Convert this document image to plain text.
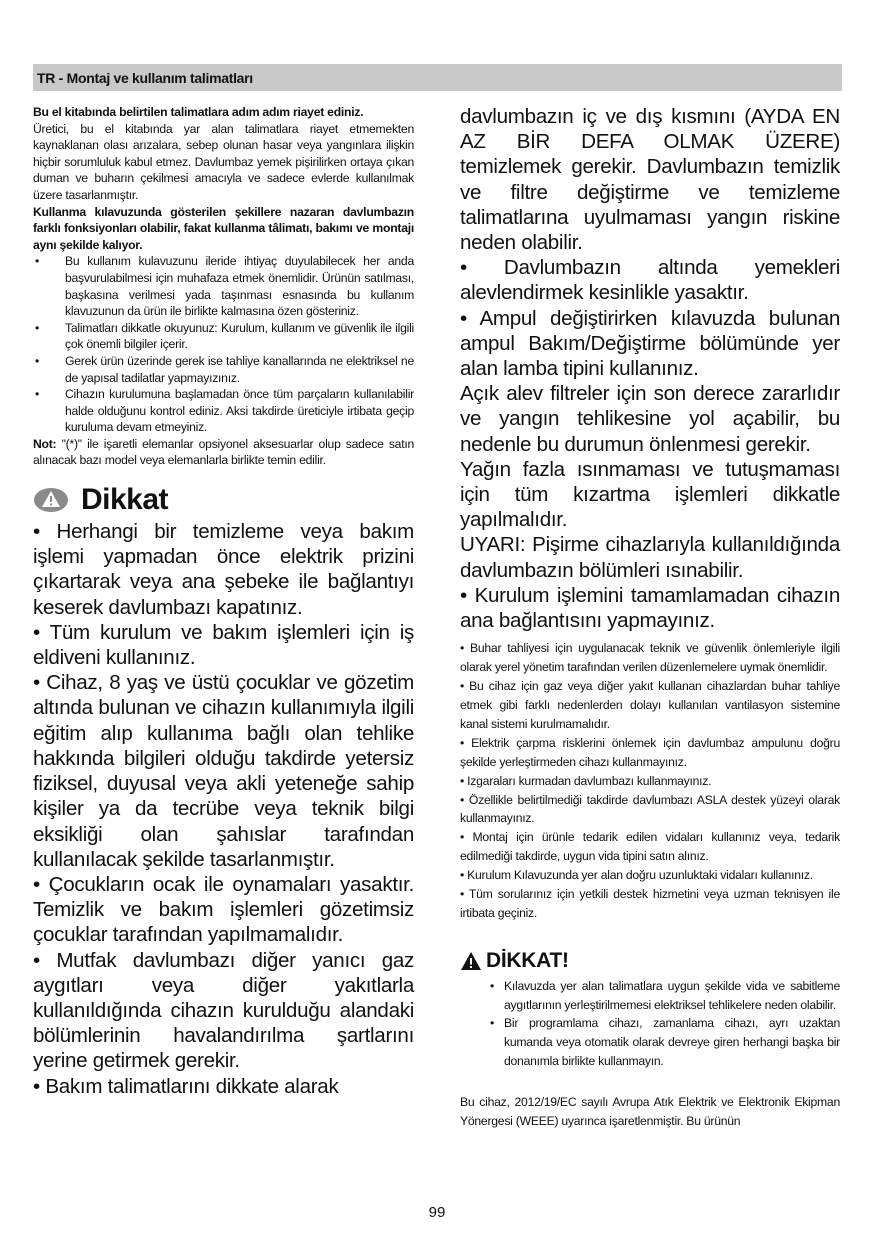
TR - Montaj ve kullanım talimatları

Bu el kitabında belirtilen talimatlara adım adım riayet ediniz.
Üretici, bu el kitabında yar alan talimatlara riayet etmemekten kaynaklanan olası arızalara, sebep olunan hasar veya yangınlara ilişkin hiçbir sorumluluk kabul etmez. Davlumbaz yemek pişirilirken ortaya çıkan duman ve buharın çekilmesi amacıyla ve sadece evlerde kullanılmak üzere tasarlanmıştır.

Kullanma kılavuzunda gösterilen şekillere nazaran davlumbazın farklı fonksiyonları olabilir, fakat kullanma tâlimatı, bakımı ve montajı aynı şekilde kalıyor.

• Bu kullanım kulavuzunu ileride ihtiyaç duyulabilecek her anda başvurulabilmesi için muhafaza etmek önemlidir. Ürünün satılması, başkasına verilmesi yada taşınması esnasında bu kullanım klavuzunun da ürün ile birlikte kalmasına özen gösteriniz.
• Talimatları dikkatle okuyunuz: Kurulum, kullanım ve güvenlik ile ilgili çok önemli bilgiler içerir.
• Gerek ürün üzerinde gerek ise tahliye kanallarında ne elektriksel ne de yapısal tadilatlar yapmayızınız.
• Cihazın kurulumuna başlamadan önce tüm parçaların kullanılabilir halde olduğunu kontrol ediniz. Aksi takdirde üreticiyle irtibata geçip kuruluma devam etmeyiniz.

Not: "(*)" ile işaretli elemanlar opsiyonel aksesuarlar olup sadece satın alınacak bazı model veya elemanlarla birlikte temin edilir.

Dikkat

• Herhangi bir temizleme veya bakım işlemi yapmadan önce elektrik prizini çıkartarak veya ana şebeke ile bağlantıyı keserek davlumbazı kapatınız.

• Tüm kurulum ve bakım işlemleri için iş eldiveni kullanınız.

• Cihaz, 8 yaş ve üstü çocuklar ve gözetim altında bulunan ve cihazın kullanımıyla ilgili eğitim alıp kullanıma bağlı olan tehlike hakkında bilgileri olduğu takdirde yetersiz fiziksel, duyusal veya akli yeteneğe sahip kişiler ya da tecrübe veya teknik bilgi eksikliği olan şahıslar tarafından kullanılacak şekilde tasarlanmıştır.

• Çocukların ocak ile oynamaları yasaktır. Temizlik ve bakım işlemleri gözetimsiz çocuklar tarafından yapılmamalıdır.

• Mutfak davlumbazı diğer yanıcı gaz aygıtları veya diğer yakıtlarla kullanıldığında cihazın kurulduğu alandaki bölümlerinin havalandırılma şartlarını yerine getirmek gerekir.

• Bakım talimatlarını dikkate alarak

davlumbazın iç ve dış kısmını (AYDA EN AZ BİR DEFA OLMAK ÜZERE) temizlemek gerekir. Davlumbazın temizlik ve filtre değiştirme ve temizleme talimatlarına uyulmaması yangın riskine neden olabilir.

• Davlumbazın altında yemekleri alevlendirmek kesinlikle yasaktır.

• Ampul değiştirirken kılavuzda bulunan ampul Bakım/Değiştirme bölümünde yer alan lamba tipini kullanınız.

Açık alev filtreler için son derece zararlıdır ve yangın tehlikesine yol açabilir, bu nedenle bu durumun önlenmesi gerekir.

Yağın fazla ısınmaması ve tutuşmaması için tüm kızartma işlemleri dikkatle yapılmalıdır.

UYARI: Pişirme cihazlarıyla kullanıldığında davlumbazın bölümleri ısınabilir.

• Kurulum işlemini tamamlamadan cihazın ana bağlantısını yapmayınız.

• Buhar tahliyesi için uygulanacak teknik ve güvenlik önlemleriyle ilgili olarak yerel yönetim tarafından verilen düzenlemelere uymak önemlidir.

• Bu cihaz için gaz veya diğer yakıt kullanan cihazlardan buhar tahliye etmek gibi farklı nedenlerden dolayı kullanılan vantilasyon sistemine kanal sistemi kurulmamalıdır.

• Elektrik çarpma risklerini önlemek için davlumbaz ampulunu doğru şekilde yerleştirmeden cihazı kullanmayınız.

• Izgaraları kurmadan davlumbazı kullanmayınız.

• Özellikle belirtilmediği takdirde davlumbazı ASLA destek yüzeyi olarak kullanmayınız.

• Montaj için ürünle tedarik edilen vidaları kullanınız veya, tedarik edilmediği takdirde, uygun vida tipini satın alınız.

• Kurulum Kılavuzunda yer alan doğru uzunluktaki vidaları kullanınız.

• Tüm sorularınız için yetkili destek hizmetini veya uzman teknisyen ile irtibata geçiniz.

DİKKAT!
• Kılavuzda yer alan talimatlara uygun şekilde vida ve sabitleme aygıtlarının yerleştirilmemesi elektriksel tehlikelere neden olabilir.
• Bir programlama cihazı, zamanlama cihazı, ayrı uzaktan kumanda veya otomatik olarak devreye giren herhangi başka bir donanımla birlikte kullanmayın.
Bu cihaz, 2012/19/EC sayılı Avrupa Atık Elektrik ve Elektronik Ekipman Yönergesi (WEEE) uyarınca işaretlenmiştir. Bu ürünün
99
